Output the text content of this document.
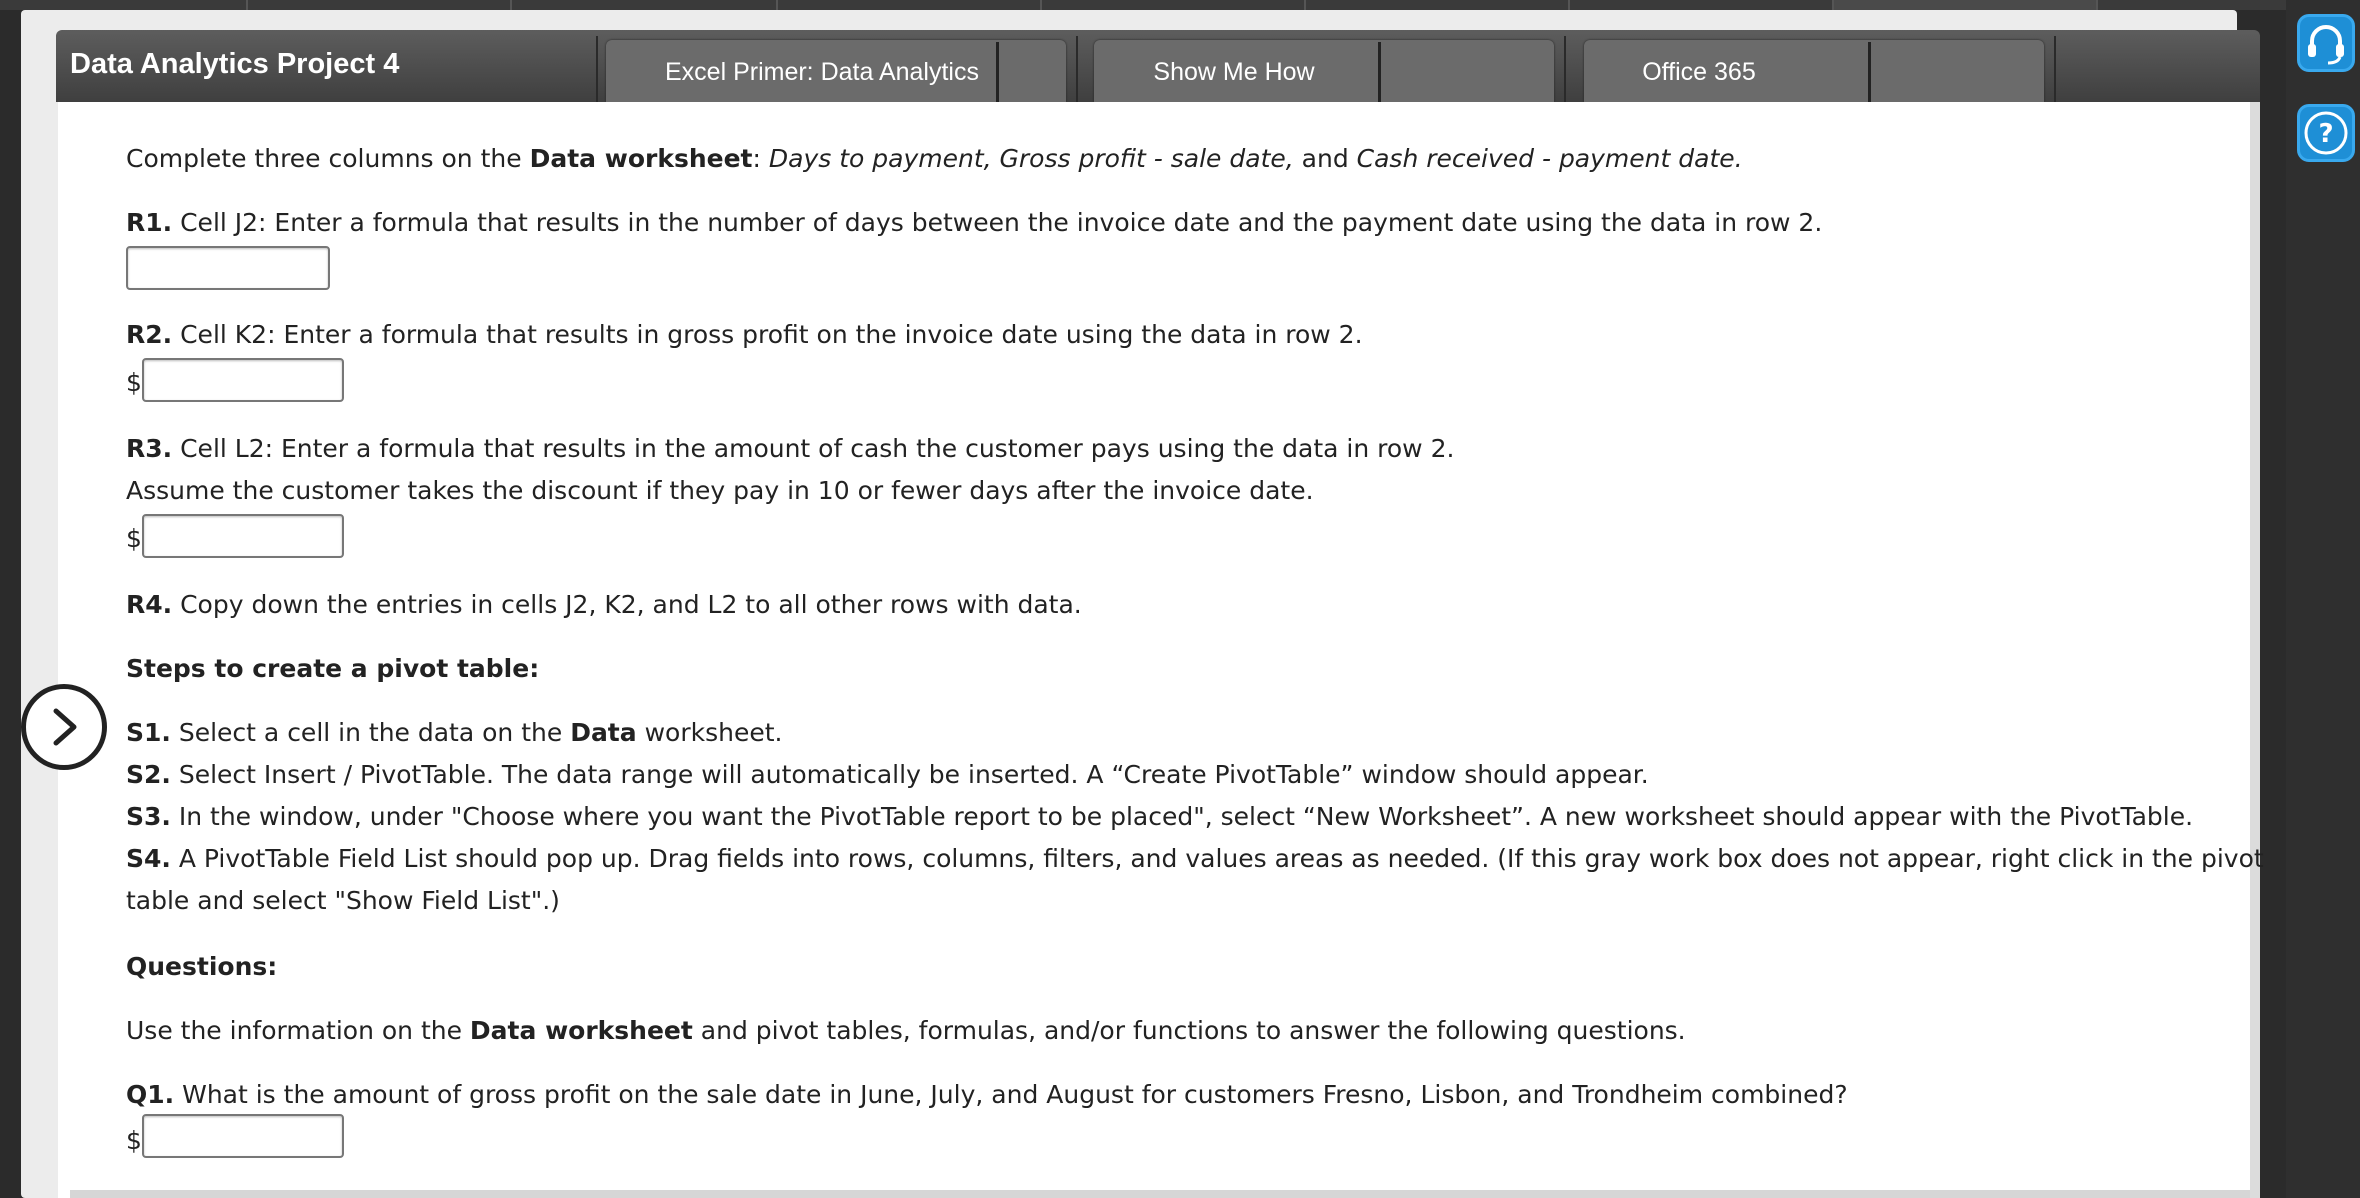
?
Data Analytics Project 4	Excel Primer: Data Analytics	Show Me How	Office 365
Complete three columns on the Data worksheet: Days to payment, Gross profit - sale date, and Cash received - payment date.
R1. Cell J2: Enter a formula that results in the number of days between the invoice date and the payment date using the data in row 2.
R2. Cell K2: Enter a formula that results in gross profit on the invoice date using the data in row 2.
$
R3. Cell L2: Enter a formula that results in the amount of cash the customer pays using the data in row 2.
Assume the customer takes the discount if they pay in 10 or fewer days after the invoice date.
$
R4. Copy down the entries in cells J2, K2, and L2 to all other rows with data.
Steps to create a pivot table:
S1. Select a cell in the data on the Data worksheet.
S2. Select Insert / PivotTable. The data range will automatically be inserted. A “Create PivotTable” window should appear.
S3. In the window, under "Choose where you want the PivotTable report to be placed", select “New Worksheet”. A new worksheet should appear with the PivotTable.
S4. A PivotTable Field List should pop up. Drag fields into rows, columns, filters, and values areas as needed. (If this gray work box does not appear, right click in the pivot
table and select "Show Field List".)
Questions:
Use the information on the Data worksheet and pivot tables, formulas, and/or functions to answer the following questions.
Q1. What is the amount of gross profit on the sale date in June, July, and August for customers Fresno, Lisbon, and Trondheim combined?
$
